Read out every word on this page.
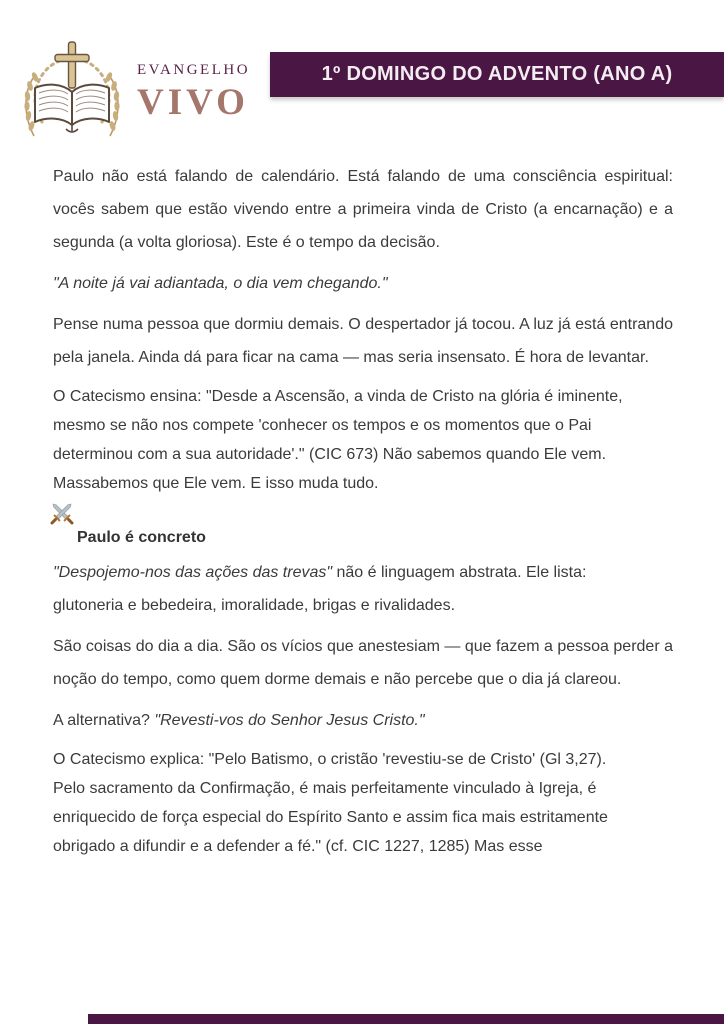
EVANGELHO
VIVO
1º DOMINGO DO ADVENTO (ANO A)

Paulo não está falando de calendário. Está falando de uma consciência espiritual: vocês sabem que estão vivendo entre a primeira vinda de Cristo (a encarnação) e a segunda (a volta gloriosa). Este é o tempo da decisão.

"A noite já vai adiantada, o dia vem chegando."

Pense numa pessoa que dormiu demais. O despertador já tocou. A luz já está entrando pela janela. Ainda dá para ficar na cama — mas seria insensato. É hora de levantar.

O Catecismo ensina: "Desde a Ascensão, a vinda de Cristo na glória é iminente,
mesmo se não nos compete 'conhecer os tempos e os momentos que o Pai
determinou com a sua autoridade'." (CIC 673) Não sabemos quando Ele vem.
Massabemos que Ele vem. E isso muda tudo.

Paulo é concreto

"Despojemo-nos das ações das trevas" não é linguagem abstrata. Ele lista:
glutoneria e bebedeira, imoralidade, brigas e rivalidades.

São coisas do dia a dia. São os vícios que anestesiam — que fazem a pessoa perder a noção do tempo, como quem dorme demais e não percebe que o dia já clareou.

A alternativa? "Revesti-vos do Senhor Jesus Cristo."

O Catecismo explica: "Pelo Batismo, o cristão 'revestiu-se de Cristo' (Gl 3,27).
Pelo sacramento da Confirmação, é mais perfeitamente vinculado à Igreja, é
enriquecido de força especial do Espírito Santo e assim fica mais estritamente
obrigado a difundir e a defender a fé." (cf. CIC 1227, 1285) Mas esse
